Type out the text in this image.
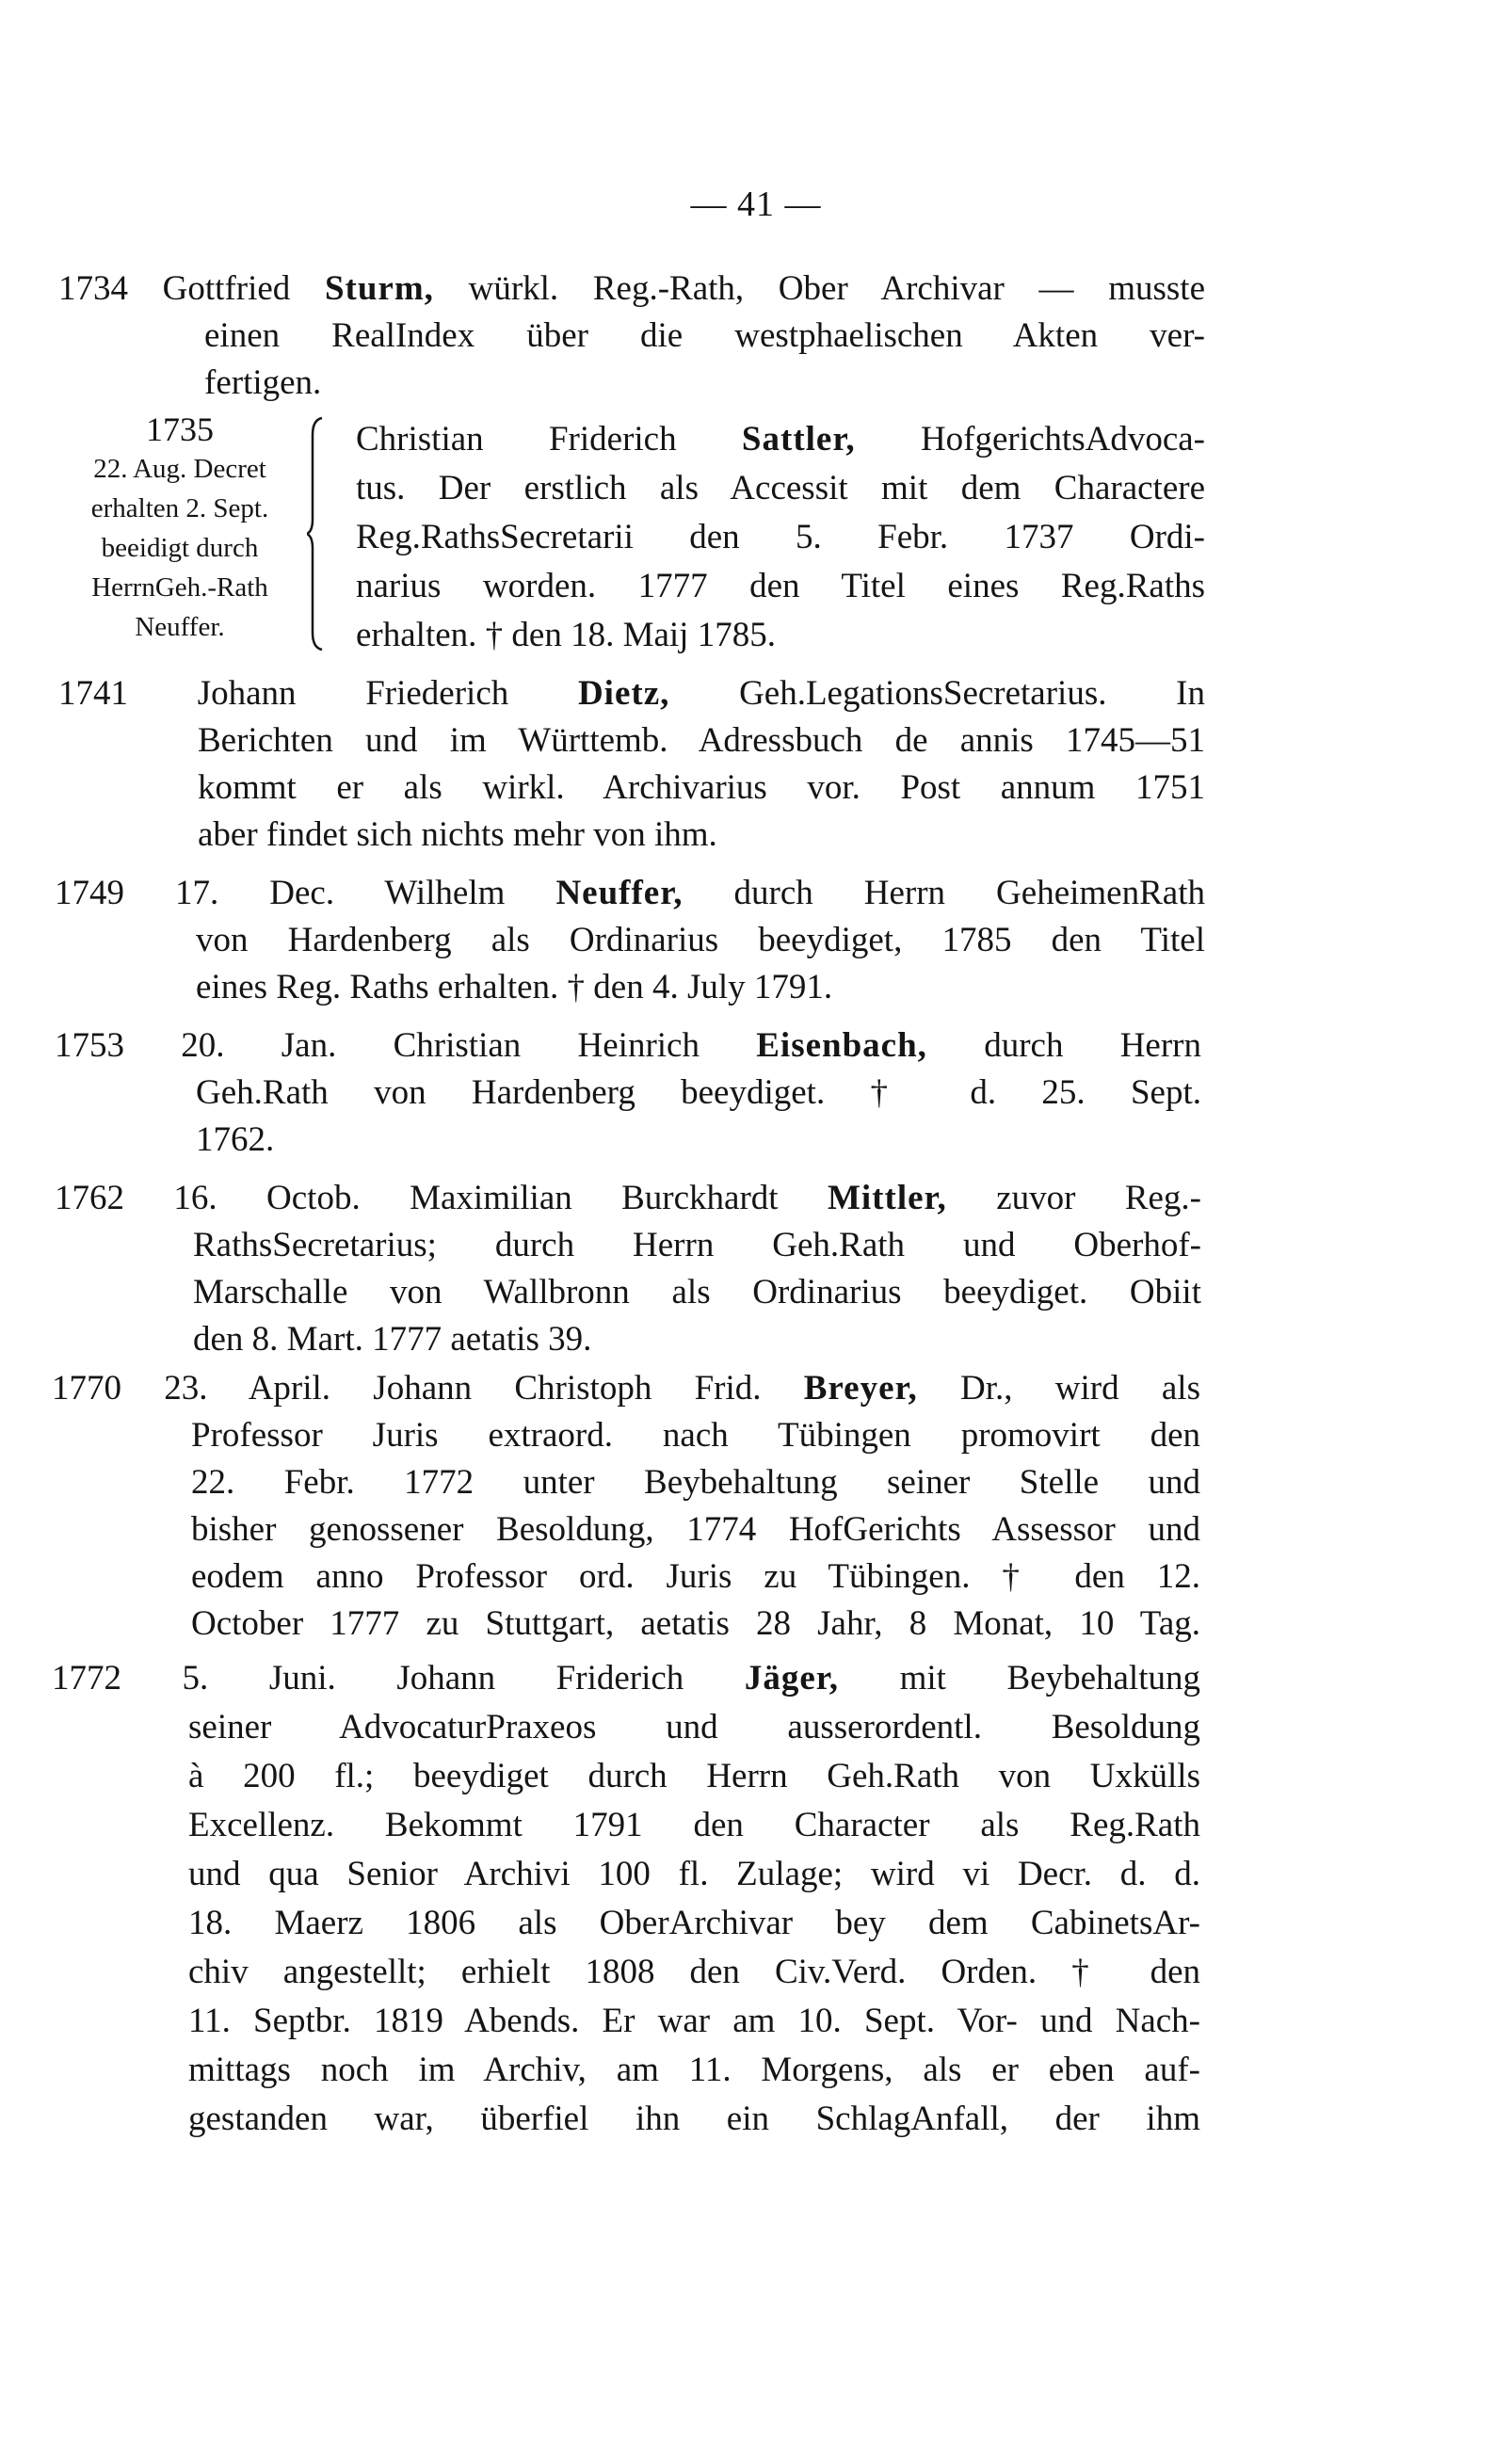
— 41 —
1734 Gottfried Sturm, würkl. Reg.-Rath, Ober Archivar — musste
einen RealIndex über die westphaelischen Akten ver-
fertigen.
1735
22. Aug. Decret
erhalten 2. Sept.
beeidigt durch
HerrnGeh.-Rath
Neuffer.
Christian Friderich Sattler, HofgerichtsAdvoca-
tus. Der erstlich als Accessit mit dem Charactere
Reg.RathsSecretarii den 5. Febr. 1737 Ordi-
narius worden. 1777 den Titel eines Reg.Raths
erhalten. † den 18. Maij 1785.
1741 Johann Friederich Dietz, Geh.LegationsSecretarius. In
Berichten und im Württemb. Adressbuch de annis 1745—51
kommt er als wirkl. Archivarius vor. Post annum 1751
aber findet sich nichts mehr von ihm.
1749 17. Dec. Wilhelm Neuffer, durch Herrn GeheimenRath
von Hardenberg als Ordinarius beeydiget, 1785 den Titel
eines Reg. Raths erhalten. † den 4. July 1791.
1753 20. Jan. Christian Heinrich Eisenbach, durch Herrn
Geh.Rath von Hardenberg beeydiget. † d. 25. Sept.
1762.
1762 16. Octob. Maximilian Burckhardt Mittler, zuvor Reg.-
RathsSecretarius; durch Herrn Geh.Rath und Oberhof-
Marschalle von Wallbronn als Ordinarius beeydiget. Obiit
den 8. Mart. 1777 aetatis 39.
1770 23. April. Johann Christoph Frid. Breyer, Dr., wird als
Professor Juris extraord. nach Tübingen promovirt den
22. Febr. 1772 unter Beybehaltung seiner Stelle und
bisher genossener Besoldung, 1774 HofGerichts Assessor und
eodem anno Professor ord. Juris zu Tübingen. † den 12.
October 1777 zu Stuttgart, aetatis 28 Jahr, 8 Monat, 10 Tag.
1772 5. Juni. Johann Friderich Jäger, mit Beybehaltung
seiner AdvocaturPraxeos und ausserordentl. Besoldung
à 200 fl.; beeydiget durch Herrn Geh.Rath von Uxkülls
Excellenz. Bekommt 1791 den Character als Reg.Rath
und qua Senior Archivi 100 fl. Zulage; wird vi Decr. d. d.
18. Maerz 1806 als OberArchivar bey dem CabinetsAr-
chiv angestellt; erhielt 1808 den Civ.Verd. Orden. † den
11. Septbr. 1819 Abends. Er war am 10. Sept. Vor- und Nach-
mittags noch im Archiv, am 11. Morgens, als er eben auf-
gestanden war, überfiel ihn ein SchlagAnfall, der ihm
